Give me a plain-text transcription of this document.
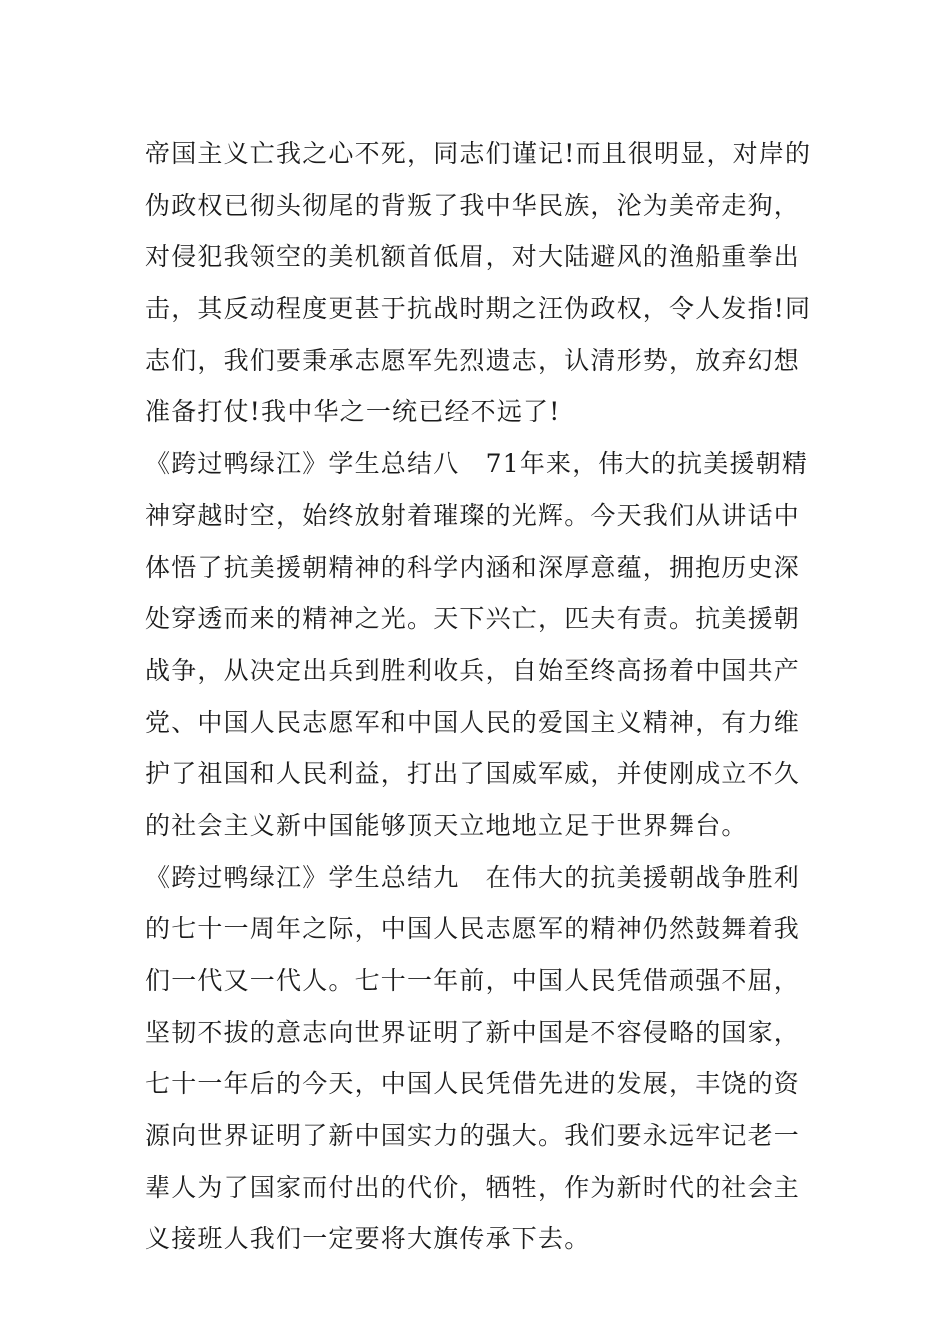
帝国主义亡我之心不死，同志们谨记!而且很明显，对岸的
伪政权已彻头彻尾的背叛了我中华民族，沦为美帝走狗，
对侵犯我领空的美机额首低眉，对大陆避风的渔船重拳出
击，其反动程度更甚于抗战时期之汪伪政权，令人发指!同
志们，我们要秉承志愿军先烈遗志，认清形势，放弃幻想
准备打仗!我中华之一统已经不远了!
《跨过鸭绿江》学生总结八　71年来，伟大的抗美援朝精
神穿越时空，始终放射着璀璨的光辉。今天我们从讲话中
体悟了抗美援朝精神的科学内涵和深厚意蕴，拥抱历史深
处穿透而来的精神之光。天下兴亡，匹夫有责。抗美援朝
战争，从决定出兵到胜利收兵，自始至终高扬着中国共产
党、中国人民志愿军和中国人民的爱国主义精神，有力维
护了祖国和人民利益，打出了国威军威，并使刚成立不久
的社会主义新中国能够顶天立地地立足于世界舞台。
《跨过鸭绿江》学生总结九　在伟大的抗美援朝战争胜利
的七十一周年之际，中国人民志愿军的精神仍然鼓舞着我
们一代又一代人。七十一年前，中国人民凭借顽强不屈，
坚韧不拔的意志向世界证明了新中国是不容侵略的国家，
七十一年后的今天，中国人民凭借先进的发展，丰饶的资
源向世界证明了新中国实力的强大。我们要永远牢记老一
辈人为了国家而付出的代价，牺牲，作为新时代的社会主
义接班人我们一定要将大旗传承下去。
